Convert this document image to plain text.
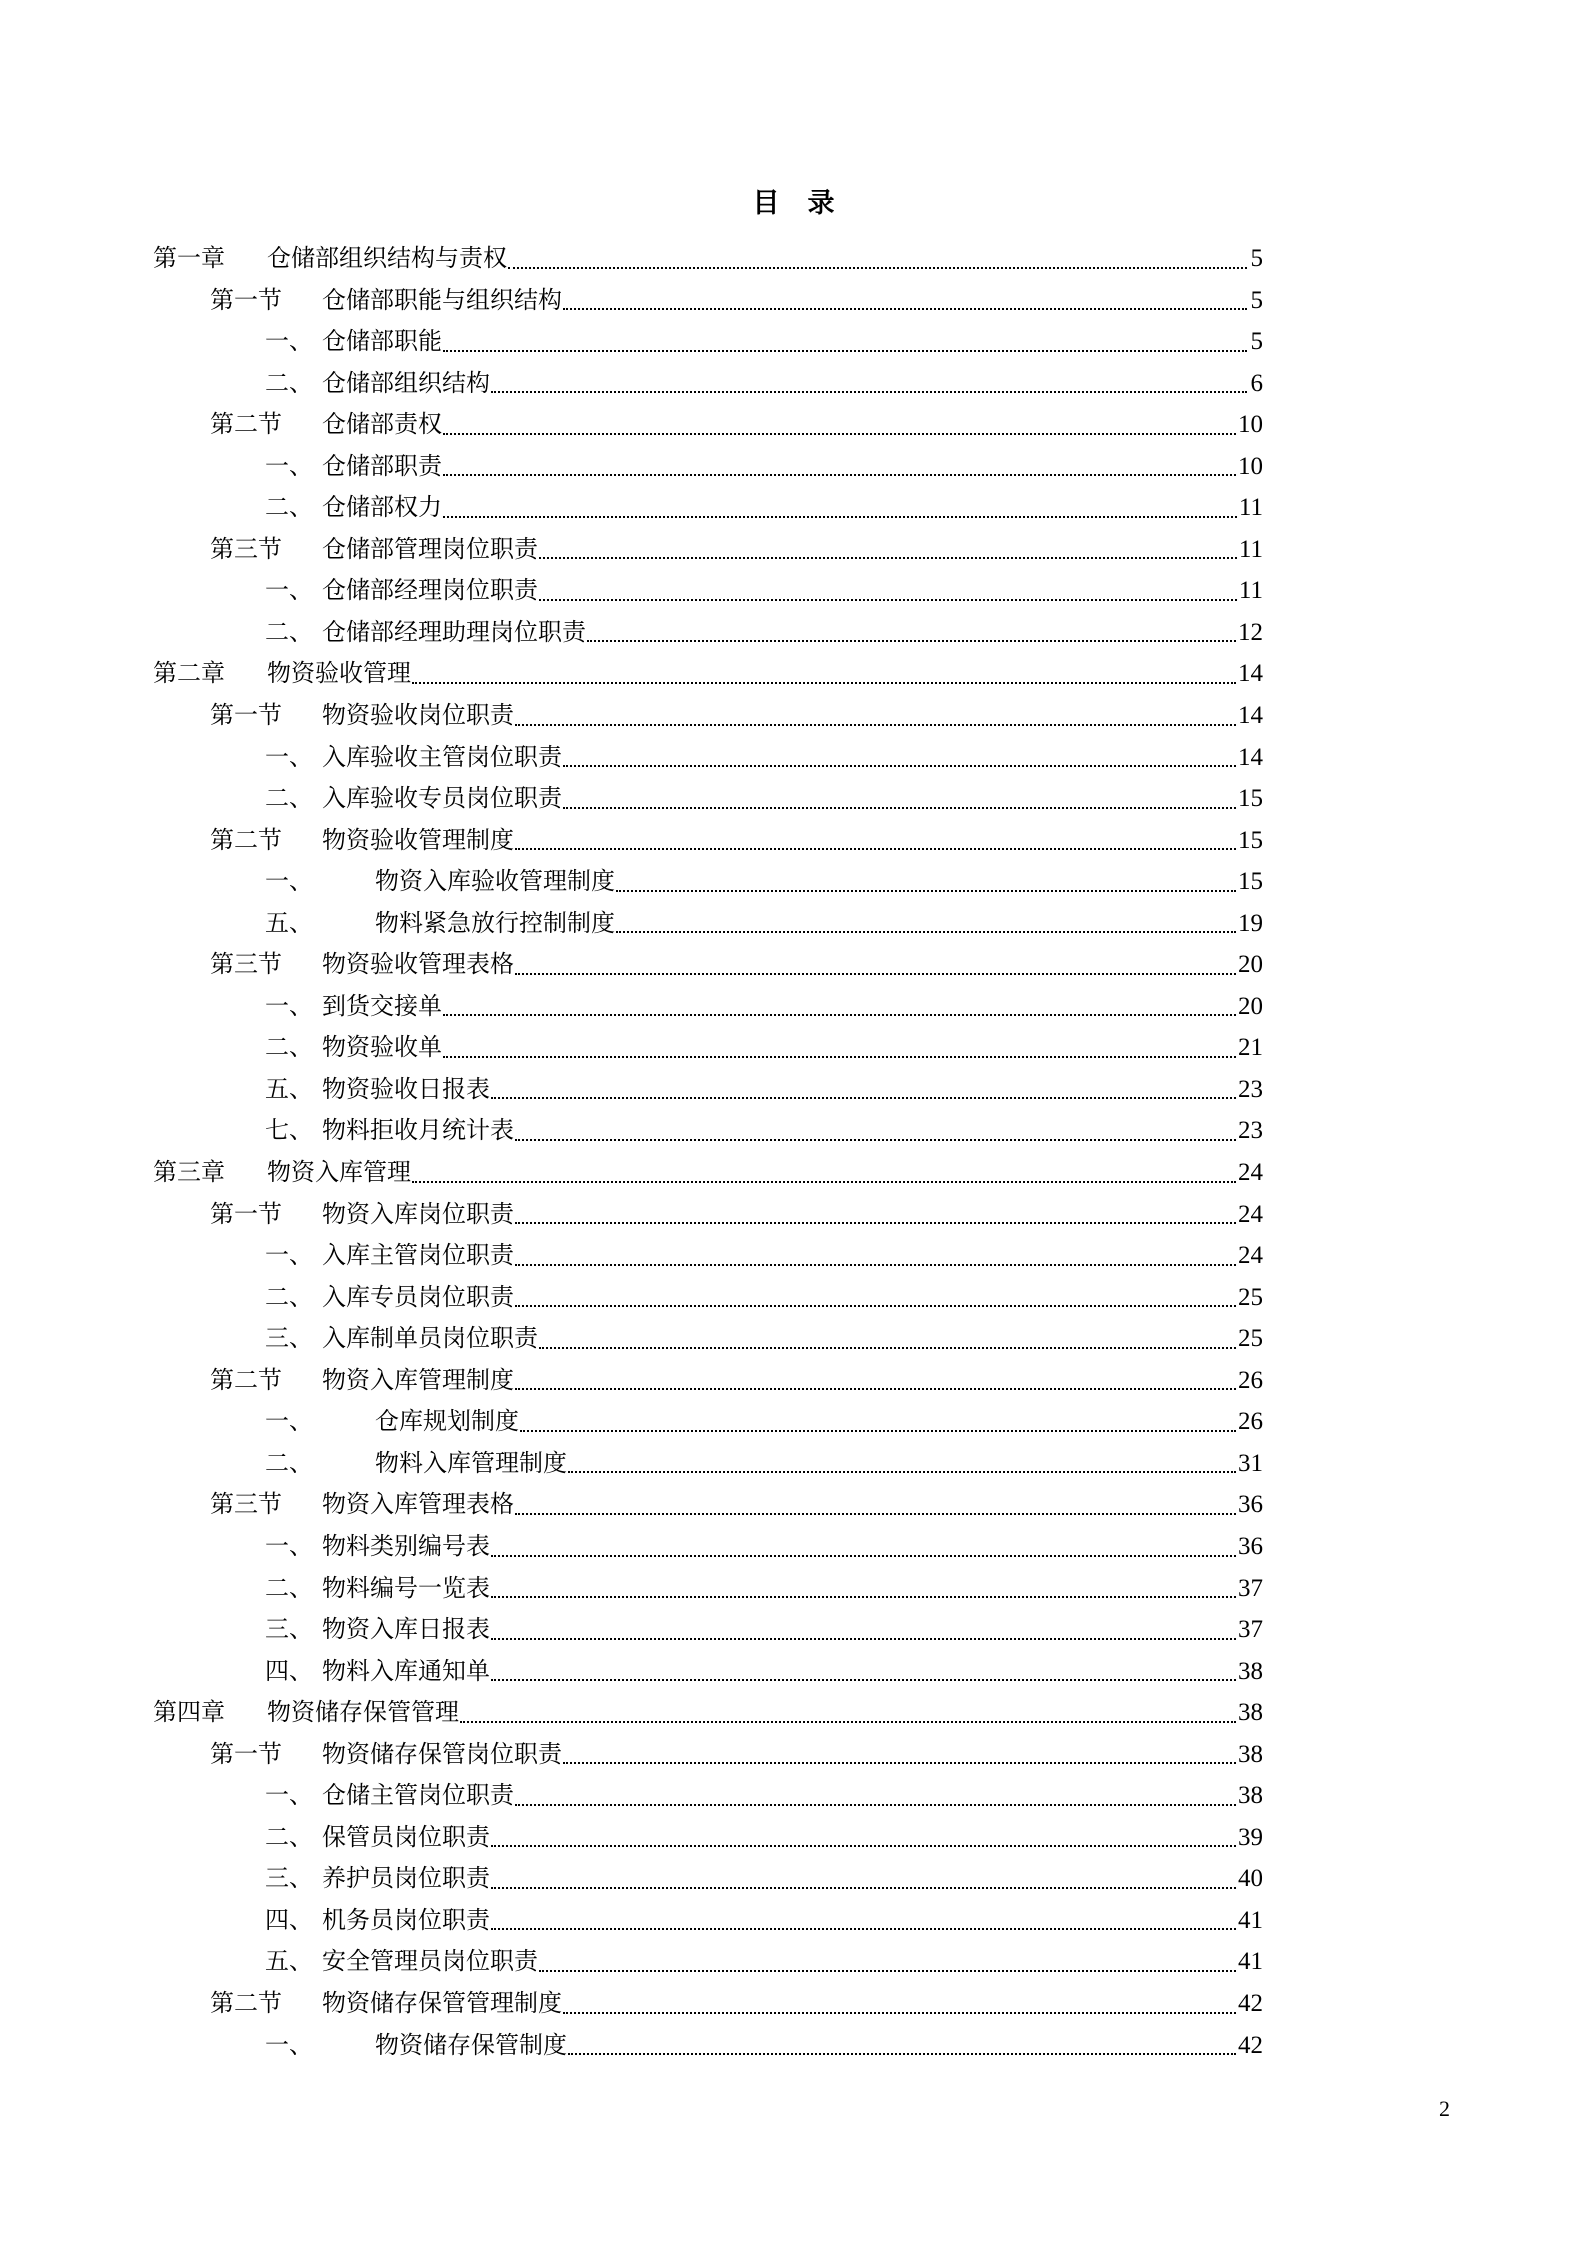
目 录
第一章	仓储部组织结构与责权	5
第一节	仓储部职能与组织结构	5
一、 仓储部职能	5
二、 仓储部组织结构	6
第二节	仓储部责权	10
一、 仓储部职责	10
二、 仓储部权力	11
第三节	仓储部管理岗位职责	11
一、 仓储部经理岗位职责	11
二、 仓储部经理助理岗位职责	12
第二章	物资验收管理	14
第一节	物资验收岗位职责	14
一、 入库验收主管岗位职责	14
二、 入库验收专员岗位职责	15
第二节	物资验收管理制度	15
一、	物资入库验收管理制度	15
五、	物料紧急放行控制制度	19
第三节	物资验收管理表格	20
一、 到货交接单	20
二、 物资验收单	21
五、 物资验收日报表	23
七、 物料拒收月统计表	23
第三章	物资入库管理	24
第一节	物资入库岗位职责	24
一、 入库主管岗位职责	24
二、 入库专员岗位职责	25
三、 入库制单员岗位职责	25
第二节	物资入库管理制度	26
一、	仓库规划制度	26
二、	物料入库管理制度	31
第三节	物资入库管理表格	36
一、 物料类别编号表	36
二、 物料编号一览表	37
三、 物资入库日报表	37
四、 物料入库通知单	38
第四章	物资储存保管管理	38
第一节	物资储存保管岗位职责	38
一、 仓储主管岗位职责	38
二、 保管员岗位职责	39
三、 养护员岗位职责	40
四、 机务员岗位职责	41
五、 安全管理员岗位职责	41
第二节	物资储存保管管理制度	42
一、	物资储存保管制度	42
2
